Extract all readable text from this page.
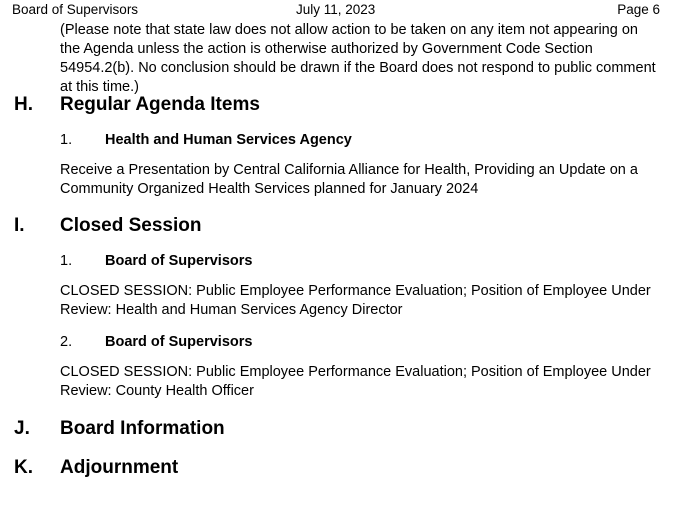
Board of Supervisors	July 11, 2023	Page 6
(Please note that state law does not allow action to be taken on any item not appearing on the Agenda unless the action is otherwise authorized by Government Code Section 54954.2(b). No conclusion should be drawn if the Board does not respond to public comment at this time.)
H. Regular Agenda Items
1. Health and Human Services Agency
Receive a Presentation by Central California Alliance for Health, Providing an Update on a Community Organized Health Services planned for January 2024
I. Closed Session
1. Board of Supervisors
CLOSED SESSION: Public Employee Performance Evaluation; Position of Employee Under Review: Health and Human Services Agency Director
2. Board of Supervisors
CLOSED SESSION: Public Employee Performance Evaluation; Position of Employee Under Review: County Health Officer
J. Board Information
K. Adjournment
